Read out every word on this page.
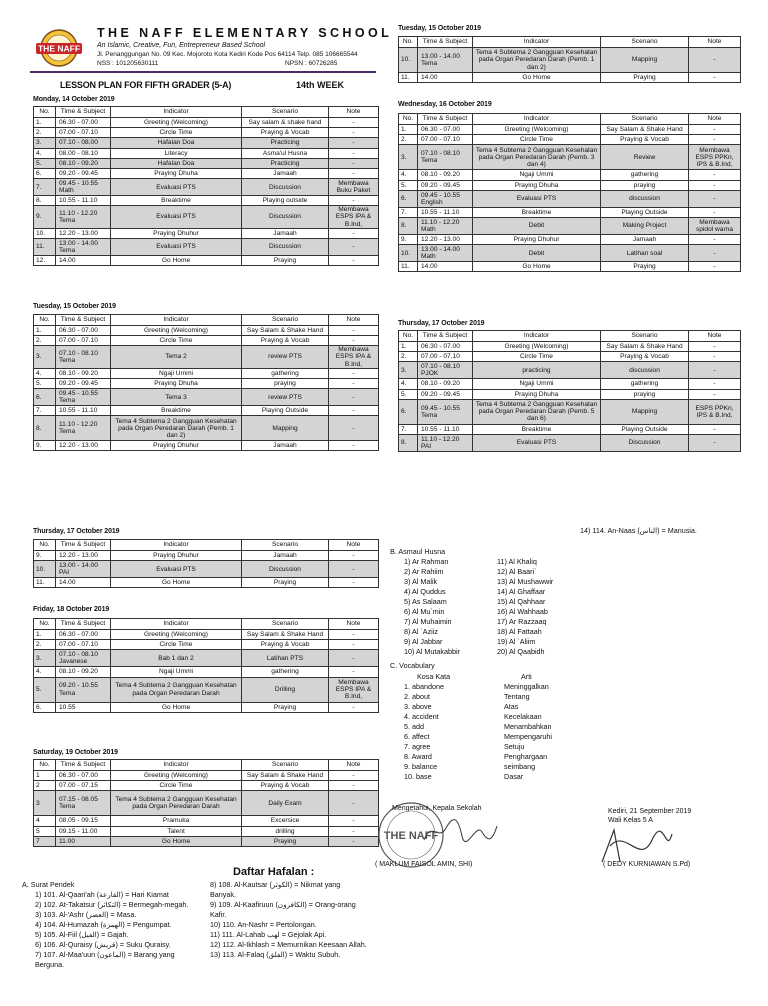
THE NAFF
THE NAFF ELEMENTARY SCHOOL
An Islamic, Creative, Fun, Entrepreneur Based School
Jl. Penanggungan No. 09 Kec. Mojoroto Kota Kediri Kode Pos 64114 Telp. 085 106665544
NSS : 101205630111	NPSN : 60726285
LESSON PLAN FOR FIFTH GRADER (5-A)	14th WEEK
Monday, 14 October 2019
No.	Time & Subject	Indicator	Scenario	Note
1.	06.30 - 07.00	Greeting (Welcoming)	Say salam & shake hand	-
2.	07.00 - 07.10	Circle Time	Praying & Vocab	-
3.	07.10 - 08.00	Hafalan Doa	Practicing	-
4.	08.00 - 08.10	Literacy	Asma'ul Husna	-
5.	08.10 - 09.20	Hafalan Doa	Practicing	-
6.	09.20 - 09.45	Praying Dhuha	Jamaah	-
7.	09.45 - 10.55 Math	Evaluasi PTS	Discussion	Membawa Buku Paket
8.	10.55 - 11.10	Breaktime	Playing outside	-
9.	11.10 - 12.20 Tema	Evaluasi PTS	Discussion	Membawa ESPS IPA & B.Ind,
10.	12.20 - 13.00	Praying Dhuhur	Jamaah	-
11.	13.00 - 14.00 Tema	Evaluasi PTS	Discussion	-
12.	14.00	Go Home	Praying	-
Tuesday, 15 October 2019
No.	Time & Subject	Indicator	Scenario	Note
1.	06.30 - 07.00	Greeting (Welcoming)	Say Salam & Shake Hand	-
2.	07.00 - 07.10	Circle Time	Praying & Vocab	-
3.	07.10 - 08.10 Tema	Tema 2	review PTS	Membawa ESPS IPA & B.Ind,
4.	08.10 - 09.20	Ngaji Ummi	gathering	-
5.	09.20 - 09.45	Praying Dhuha	praying	-
6.	09.45 - 10.55 Tema	Tema 3	review PTS	-
7.	10.55 - 11.10	Breaktime	Playing Outside	-
8.	11.10 - 12.20 Tema	Tema 4 Subtema 2 Gangguan Kesehatan pada Organ Peredaran Darah (Pemb. 1 dan 2)	Mapping	-
9.	12.20 - 13.00	Praying Dhuhur	Jamaah	-
Tuesday, 15 October 2019
No.	Time & Subject	Indicator	Scenario	Note
10.	13.00 - 14.00 Tema	Tema 4 Subtema 2 Gangguan Kesehatan pada Organ Peredaran Darah (Pemb. 1 dan 2)	Mapping	-
11.	14.00	Go Home	Praying	-
Wednesday, 16 October 2019
No.	Time & Subject	Indicator	Scenario	Note
1.	06.30 - 07.00	Greeting (Welcoming)	Say Salam & Shake Hand	-
2.	07.00 - 07.10	Circle Time	Praying & Vocab	-
3.	07.10 - 08.10 Tema	Tema 4 Subtema 2 Gangguan Kesehatan pada Organ Peredaran Darah (Pemb. 3 dan 4)	Review	Membawa ESPS PPKn, IPS & B.Ind,
4.	08.10 - 09.20	Ngaji Ummi	gathering	-
5.	09.20 - 09.45	Praying Dhuha	praying	-
6.	09.45 - 10.55 English	Evaluasi PTS	discussion	-
7.	10.55 - 11.10	Breaktime	Playing Outside	-
8.	11.10 - 12.20 Math	Debit	Making Project	Membawa spidol warna
9.	12.20 - 13.00	Praying Dhuhur	Jamaah	-
10.	13.00 - 14.00 Math	Debit	Latihan soal	-
11.	14.00	Go Home	Praying	-
Thursday, 17 October 2019
No.	Time & Subject	Indicator	Scenario	Note
1.	06.30 - 07.00	Greeting (Welcoming)	Say Salam & Shake Hand	-
2.	07.00 - 07.10	Circle Time	Praying & Vocab	-
3.	07.10 - 08.10 PJOK	practicing	discussion	-
4.	08.10 - 09.20	Ngaji Ummi	gathering	-
5.	09.20 - 09.45	Praying Dhuha	praying	-
6.	09.45 - 10.55 Tema	Tema 4 Subtema 2 Gangguan Kesehatan pada Organ Peredaran Darah (Pemb. 5 dan 6)	Mapping	ESPS PPKn, IPS & B.Ind,
7.	10.55 - 11.10	Breaktime	Playing Outside	-
8.	11.10 - 12.20 PAI	Evaluasi PTS	Discussion	-
Thursday, 17 October 2019
No.	Time & Subject	Indicator	Scenario	Note
9.	12.20 - 13.00	Praying Dhuhur	Jamaah	-
10.	13.00 - 14.00 PAI	Evaluasi PTS	Discussion	-
11.	14.00	Go Home	Praying	-
Friday, 18 October 2019
No.	Time & Subject	Indicator	Scenario	Note
1.	06.30 - 07.00	Greeting (Welcoming)	Say Salam & Shake Hand	-
2.	07.00 - 07.10	Circle Time	Praying & Vocab	-
3.	07.10 - 08.10 Javanese	Bab 1 dan 2	Latihan PTS	-
4.	08.10 - 09.20	Ngaji Ummi	gathering	-
5.	09.20 - 10.55 Tema	Tema 4 Subtema 2 Gangguan Kesehatan pada Organ Peredaran Darah	Drilling	Membawa ESPS IPA & B.Ind,
6.	10.55	Go Home	Praying	-
Saturday, 19 October 2019
No.	Time & Subject	Indicator	Scenario	Note
1	06.30 - 07.00	Greeting (Welcoming)	Say Salam & Shake Hand	-
2	07.00 - 07.15	Circle Time	Praying & Vocab	-
3	07.15 - 08.05 Tema	Tema 4 Subtema 2 Gangguan Kesehatan pada Organ Peredaran Darah	Daily Exam	-
4	08.05 - 09.15	Pramuka	Excersice	-
5	09.15 - 11.00	Talent	drilling	-
7	11.00	Go Home	Praying	-
Daftar Hafalan :
A. Surat Pendek
1) 101. Al-Qaari'ah (القارعة) = Hari Kiamat
2) 102. At-Takatsur (التكاثر) = Bermegah-megah.
3) 103. Al-'Ashr (العصر) = Masa.
4) 104. Al-Humazah (الهمزة) = Pengumpat.
5) 105. Al-Fiil (الفيل) = Gajah.
6) 106. Al-Quraisy (قريش) = Suku Quraisy.
7) 107. Al-Maa'uun (الماعون) = Barang yang
Berguna.
8) 108. Al-Kautsar (الكوثر) = Nikmat yang
Banyak.
9) 109. Al-Kaafiruun (الكافرون) = Orang-orang
Kafir.
10) 110. An-Nashr = Pertolongan.
11) 111. Al-Lahab لهب = Gejolak Api.
12) 112. Al-Ikhlash = Memurnikan Keesaan Allah.
13) 113. Al-Falaq (الفلق) = Waktu Subuh.
14) 114. An-Naas (الناس) = Manusia.
B. Asmaul Husna
1) Ar Rahman
2) Ar Rahiim
3) Al Malik
4) Al Quddus
5) As Salaam
6) Al Mu`min
7) Al Muhaimin
8) Al `Aziiz
9) Al Jabbar
10) Al Mutakabbir
11) Al Khaliq
12) Al Baari`
13) Al Mushawwir
14) Al Ghaffaar
15) Al Qahhaar
16) Al Wahhaab
17) Ar Razzaaq
18) Al Fattaah
19) Al `Aliim
20) Al Qaabidh
C. Vocabulary
Kosa Kata	Arti
1. abandone	Meninggalkan
2. about	Tentang
3. above	Atas
4. accident	Kecelakaan
5. add	Menambahkan
6. affect	Mempengaruhi
7. agree	Setuju
8. Award	Penghargaan
9. balance	seimbang
10. base	Dasar
THE NAFF
Mengetahui, Kepala Sekolah
( MAKLUM FAISOL AMIN, SHI)
Kediri, 21 September 2019
Wali Kelas 5 A
( DEDY KURNIAWAN S.Pd)
